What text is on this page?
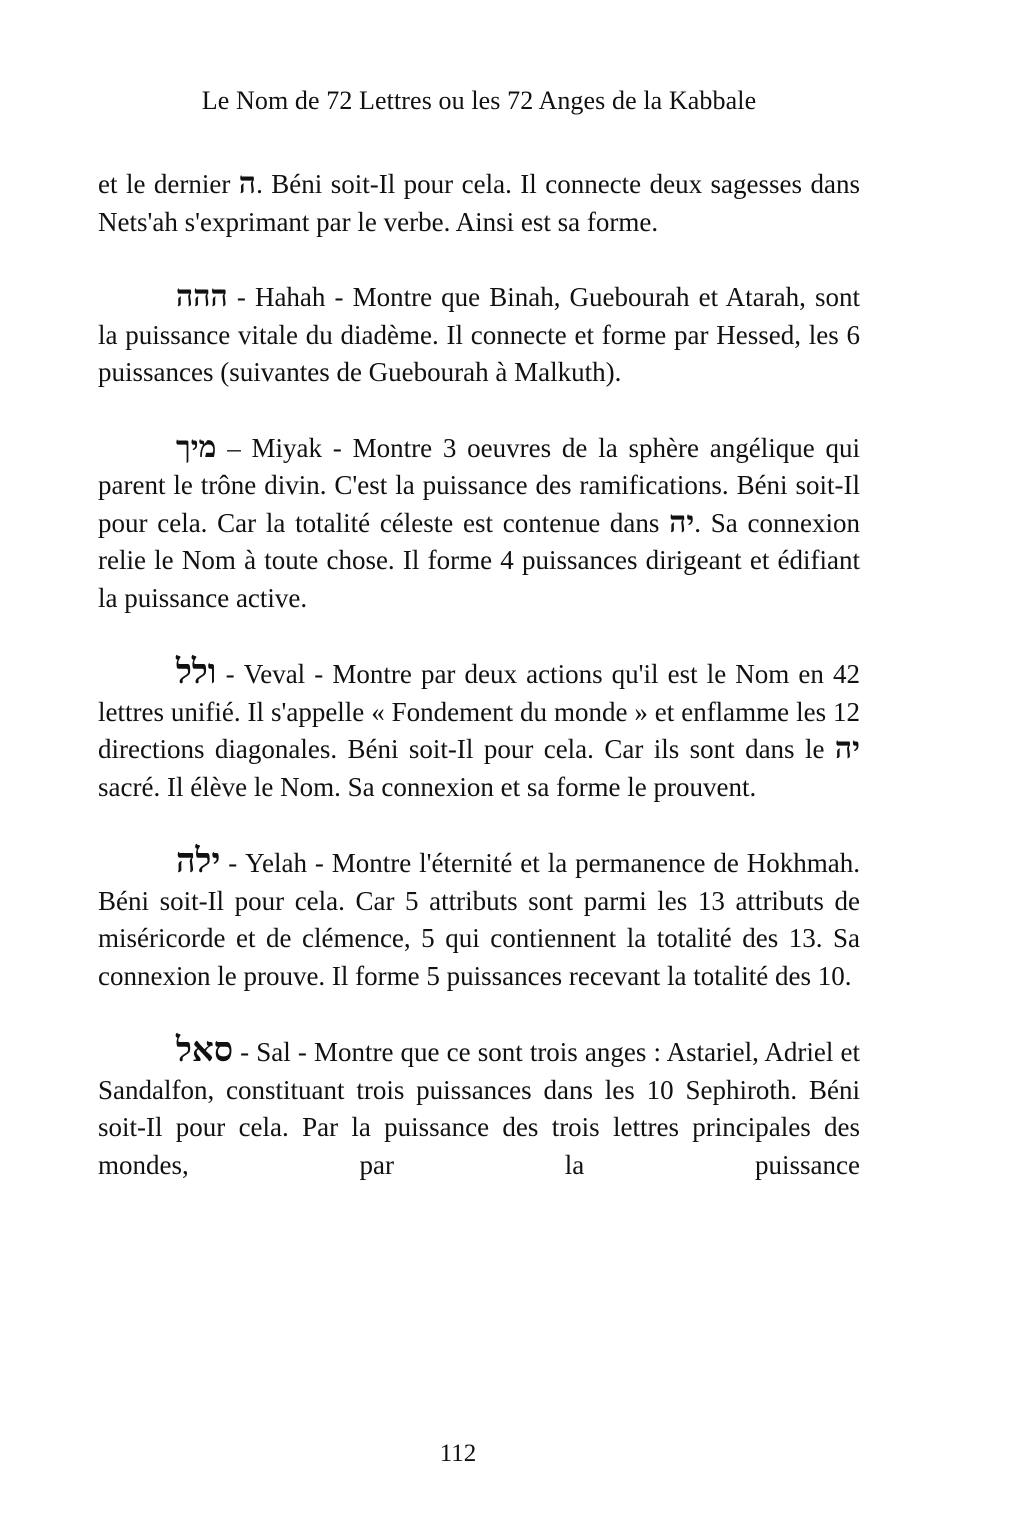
Le Nom de 72 Lettres ou les 72 Anges de la Kabbale

et le dernier ה. Béni soit-Il pour cela. Il connecte deux sagesses dans Nets'ah s'exprimant par le verbe. Ainsi est sa forme.

ההה - Hahah - Montre que Binah, Guebourah et Atarah, sont la puissance vitale du diadème. Il connecte et forme par Hessed, les 6 puissances (suivantes de Guebourah à Malkuth).

מיך – Miyak - Montre 3 oeuvres de la sphère angélique qui parent le trône divin. C'est la puissance des ramifications. Béni soit-Il pour cela. Car la totalité céleste est contenue dans יה. Sa connexion relie le Nom à toute chose. Il forme 4 puissances dirigeant et édifiant la puissance active.

ולל - Veval - Montre par deux actions qu'il est le Nom en 42 lettres unifié. Il s'appelle « Fondement du monde » et enflamme les 12 directions diagonales. Béni soit-Il pour cela. Car ils sont dans le יה sacré. Il élève le Nom. Sa connexion et sa forme le prouvent.

ילה - Yelah - Montre l'éternité et la permanence de Hokhmah. Béni soit-Il pour cela. Car 5 attributs sont parmi les 13 attributs de miséricorde et de clémence, 5 qui contiennent la totalité des 13. Sa connexion le prouve. Il forme 5 puissances recevant la totalité des 10.

סאל - Sal - Montre que ce sont trois anges : Astariel, Adriel et Sandalfon, constituant trois puissances dans les 10 Sephiroth. Béni soit-Il pour cela. Par la puissance des trois lettres principales des mondes, par la puissance

112
